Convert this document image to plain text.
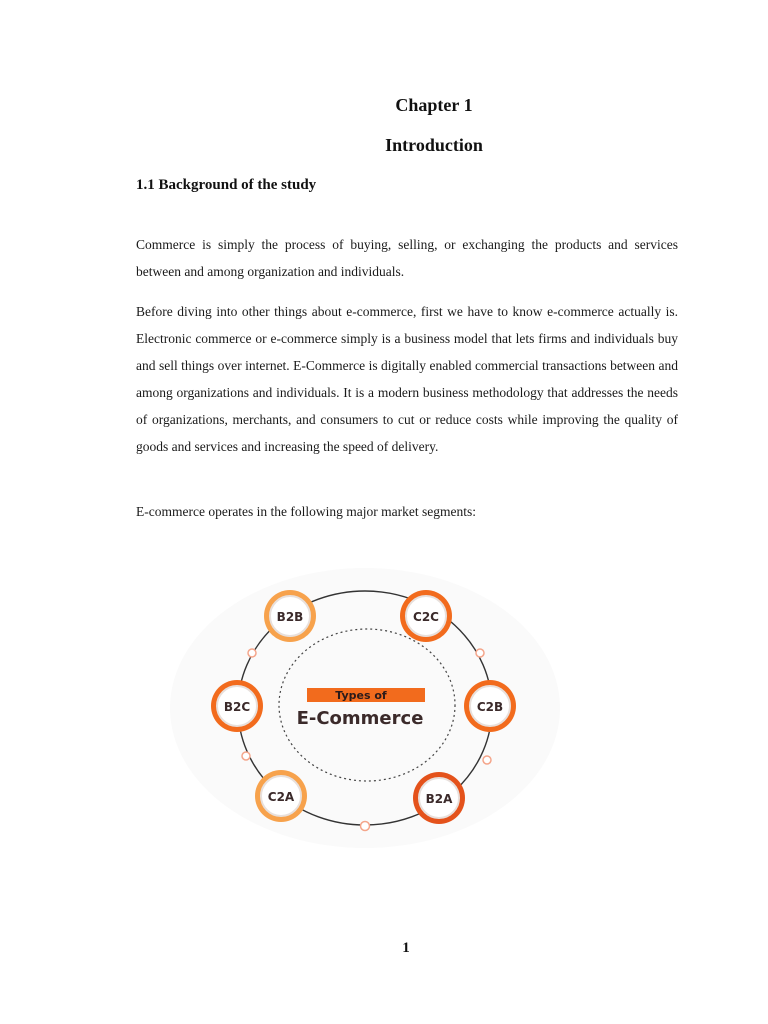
Chapter 1
Introduction
1.1 Background of the study

Commerce is simply the process of buying, selling, or exchanging the products and services between and among organization and individuals.

Before diving into other things about e-commerce, first we have to know e-commerce actually is. Electronic commerce or e-commerce simply is a business model that lets firms and individuals buy and sell things over internet. E-Commerce is digitally enabled commercial transactions between and among organizations and individuals. It is a modern business methodology that addresses the needs of organizations, merchants, and consumers to cut or reduce costs while improving the quality of goods and services and increasing the speed of delivery.

E-commerce operates in the following major market segments:

Types of
E-Commerce
B2B	C2C
B2C	C2B
C2A	B2A
1
